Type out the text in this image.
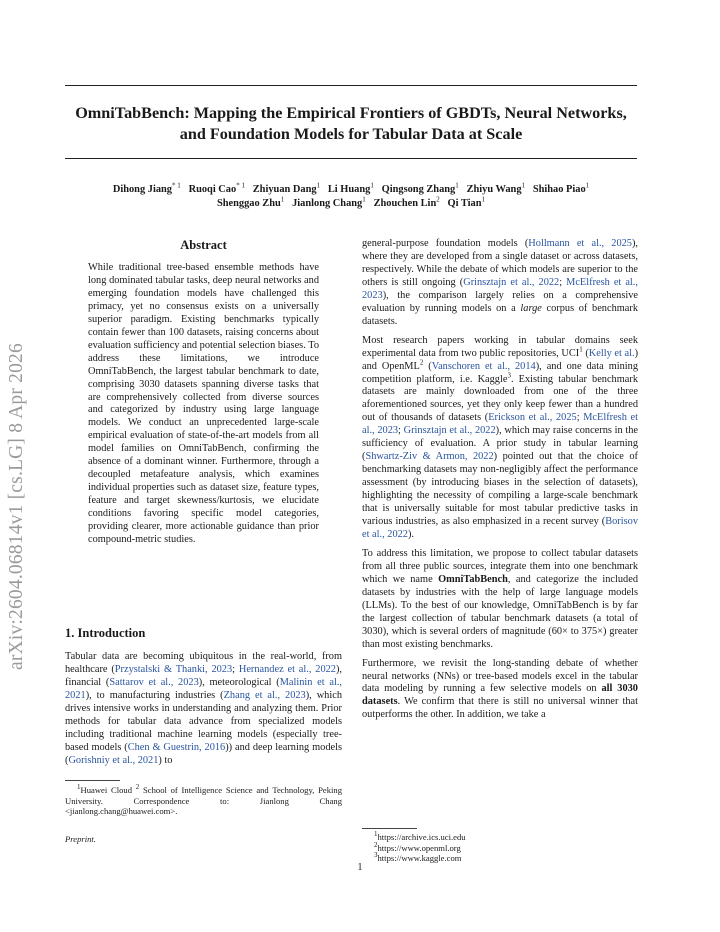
arXiv:2604.06814v1 [cs.LG] 8 Apr 2026
OmniTabBench: Mapping the Empirical Frontiers of GBDTs, Neural Networks,
and Foundation Models for Tabular Data at Scale
Dihong Jiang$^{* 1}$ Ruoqi Cao$^{* 1}$ Zhiyuan Dang$^1$ Li Huang$^1$ Qingsong Zhang$^1$ Zhiyu Wang$^1$ Shihao Piao$^1$
Shenggao Zhu$^1$ Jianlong Chang$^1$ Zhouchen Lin$^2$ Qi Tian$^1$
Abstract

While traditional tree-based ensemble methods have long dominated tabular tasks, deep neural networks and emerging foundation models have challenged this primacy, yet no consensus exists on a universally superior paradigm. Existing benchmarks typically contain fewer than 100 datasets, raising concerns about evaluation sufficiency and potential selection biases. To address these limitations, we introduce OmniTabBench, the largest tabular benchmark to date, comprising 3030 datasets spanning diverse tasks that are comprehensively collected from diverse sources and categorized by industry using large language models. We conduct an unprecedented large-scale empirical evaluation of state-of-the-art models from all model families on OmniTabBench, confirming the absence of a dominant winner. Furthermore, through a decoupled metafeature analysis, which examines individual properties such as dataset size, feature types, feature and target skewness/kurtosis, we elucidate conditions favoring specific model categories, providing clearer, more actionable guidance than prior compound-metric studies.

1. Introduction

Tabular data are becoming ubiquitous in the real-world, from healthcare (Przystalski & Thanki, 2023; Hernandez et al., 2022), financial (Sattarov et al., 2023), meteorological (Malinin et al., 2021), to manufacturing industries (Zhang et al., 2023), which drives intensive works in understanding and analyzing them. Prior methods for tabular data advance from specialized models including traditional machine learning models (especially tree-based models (Chen & Guestrin, 2016)) and deep learning models (Gorishniy et al., 2021) to

$^1$Huawei Cloud $^2$ School of Intelligence Science and Technology, Peking University. Correspondence to: Jianlong Chang <jianlong.chang@huawei.com>.

Preprint.

general-purpose foundation models (Hollmann et al., 2025), where they are developed from a single dataset or across datasets, respectively. While the debate of which models are superior to the others is still ongoing (Grinsztajn et al., 2022; McElfresh et al., 2023), the comparison largely relies on a comprehensive evaluation by running models on a large corpus of benchmark datasets.

Most research papers working in tabular domains seek experimental data from two public repositories, UCI$^1$ (Kelly et al.) and OpenML$^2$ (Vanschoren et al., 2014), and one data mining competition platform, i.e. Kaggle$^3$. Existing tabular benchmark datasets are mainly downloaded from one of the three aforementioned sources, yet they only keep fewer than a hundred out of thousands of datasets (Erickson et al., 2025; McElfresh et al., 2023; Grinsztajn et al., 2022), which may raise concerns in the sufficiency of evaluation. A prior study in tabular learning (Shwartz-Ziv & Armon, 2022) pointed out that the choice of benchmarking datasets may non-negligibly affect the performance assessment (by introducing biases in the selection of datasets), highlighting the necessity of compiling a large-scale benchmark that is universally suitable for most tabular predictive tasks in various industries, as also emphasized in a recent survey (Borisov et al., 2022).

To address this limitation, we propose to collect tabular datasets from all three public sources, integrate them into one benchmark which we name OmniTabBench, and categorize the included datasets by industries with the help of large language models (LLMs). To the best of our knowledge, OmniTabBench is by far the largest collection of tabular benchmark datasets (a total of 3030), which is several orders of magnitude (60× to 375×) greater than most existing benchmarks.

Furthermore, we revisit the long-standing debate of whether neural networks (NNs) or tree-based models excel in the tabular data modeling by running a few selective models on all 3030 datasets. We confirm that there is still no universal winner that outperforms the other. In addition, we take a

$^1$https://archive.ics.uci.edu
$^2$https://www.openml.org
$^3$https://www.kaggle.com
1
